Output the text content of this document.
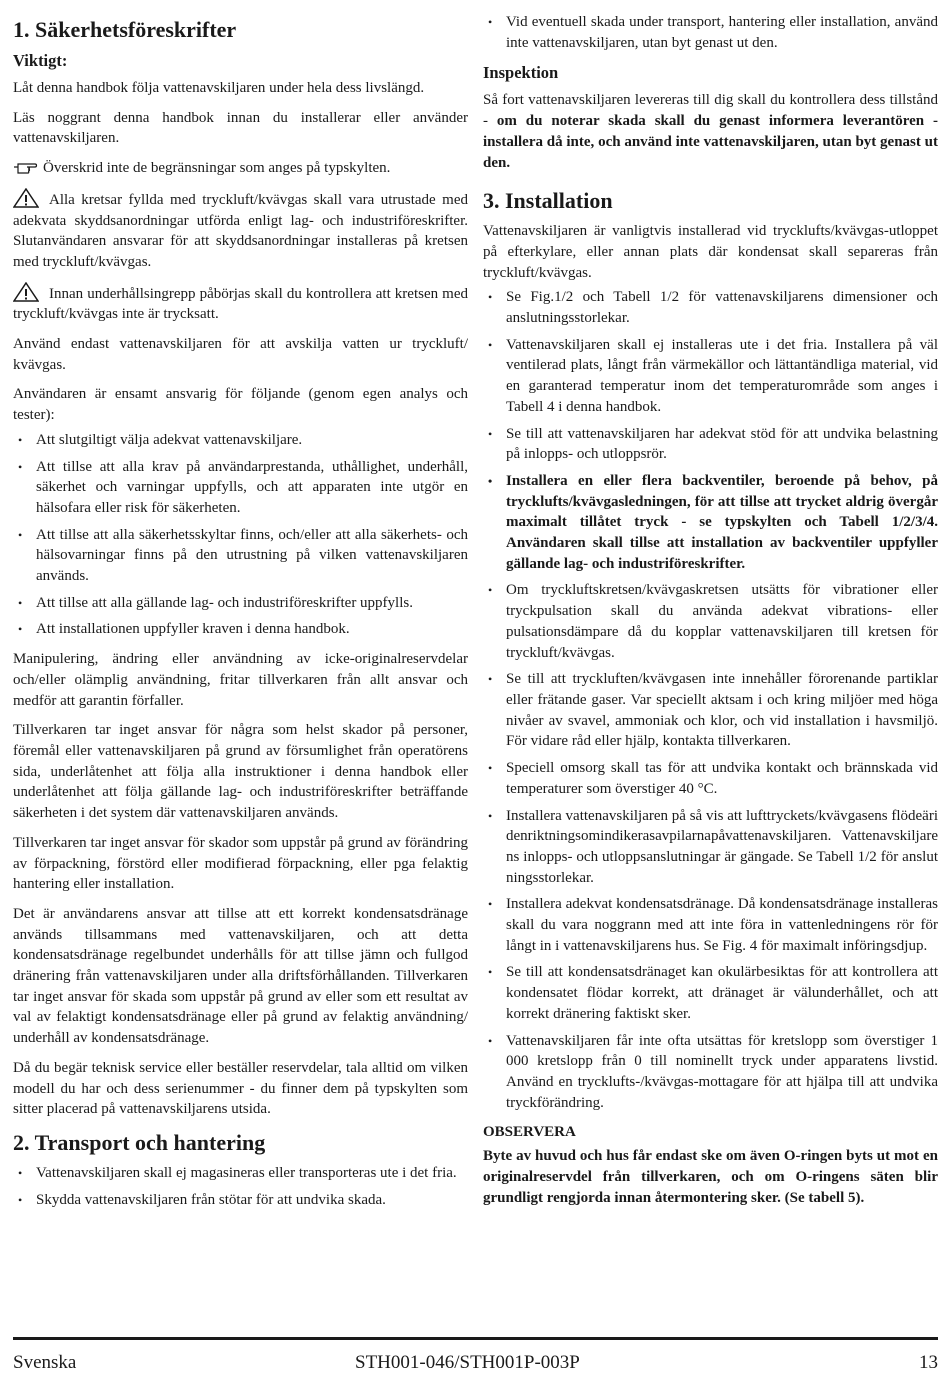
1. Säkerhetsföreskrifter
Viktigt:

Låt denna handbok följa vattenavskiljaren under hela dess livslängd.

Läs noggrant denna handbok innan du installerar eller använder vattenavskiljaren.

Överskrid inte de begränsningar som anges på typskylten.

Alla kretsar fyllda med tryckluft/kvävgas skall vara utrustade med adekvata skyddsanordningar utförda enligt lag- och industriföreskrifter. Slutanvändaren ansvarar för att skyddsanordningar installeras på kretsen med tryckluft/kvävgas.

Innan underhållsingrepp påbörjas skall du kontrollera att kretsen med tryckluft/kvävgas inte är trycksatt.

Använd endast vattenavskiljaren för att avskilja vatten ur tryckluft/ kvävgas.

Användaren är ensamt ansvarig för följande (genom egen analys och tester):

• Att slutgiltigt välja adekvat vattenavskiljare.
• Att tillse att alla krav på användarprestanda, uthållighet, underhåll, säkerhet och varningar uppfylls, och att apparaten inte utgör en hälsofara eller risk för säkerheten.
• Att tillse att alla säkerhetsskyltar finns, och/eller att alla säkerhets- och hälsovarningar finns på den utrustning på vilken vattenavskiljaren används.
• Att tillse att alla gällande lag- och industriföreskrifter uppfylls.
• Att installationen uppfyller kraven i denna handbok.

Manipulering, ändring eller användning av icke-originalreservdelar och/eller olämplig användning, fritar tillverkaren från allt ansvar och medför att garantin förfaller.

Tillverkaren tar inget ansvar för några som helst skador på personer, föremål eller vattenavskiljaren på grund av försumlighet från operatörens sida, underlåtenhet att följa alla instruktioner i denna handbok eller underlåtenhet att följa gällande lag- och industriföreskrifter beträffande säkerheten i det system där vattenavskiljaren används.

Tillverkaren tar inget ansvar för skador som uppstår på grund av förändring av förpackning, förstörd eller modifierad förpackning, eller pga felaktig hantering eller installation.

Det är användarens ansvar att tillse att ett korrekt kondensatsdränage används tillsammans med vattenavskiljaren, och att detta kondensatsdränage regelbundet underhålls för att tillse jämn och fullgod dränering från vattenavskiljaren under alla driftsförhållanden. Tillverkaren tar inget ansvar för skada som uppstår på grund av eller som ett resultat av val av felaktigt kondensatsdränage eller på grund av felaktig användning/ underhåll av kondensatsdränage.

Då du begär teknisk service eller beställer reservdelar, tala alltid om vilken modell du har och dess serienummer - du finner dem på typskylten som sitter placerad på vattenavskiljarens utsida.

2. Transport och hantering
• Vattenavskiljaren skall ej magasineras eller transporteras ute i det fria.
• Skydda vattenavskiljaren från stötar för att undvika skada.
• Vid eventuell skada under transport, hantering eller installation, använd inte vattenavskiljaren, utan byt genast ut den.
Inspektion

Så fort vattenavskiljaren levereras till dig skall du kontrollera dess tillstånd - om du noterar skada skall du genast informera leverantören - installera då inte, och använd inte vattenavskiljaren, utan byt genast ut den.

3. Installation

Vattenavskiljaren är vanligtvis installerad vid trycklufts/kvävgas-utloppet på efterkylare, eller annan plats där kondensat skall separeras från tryckluft/kvävgas.

• Se Fig.1/2 och Tabell 1/2 för vattenavskiljarens dimensioner och anslutningsstorlekar.
• Vattenavskiljaren skall ej installeras ute i det fria. Installera på väl ventilerad plats, långt från värmekällor och lättantändliga material, vid en garanterad temperatur inom det temperaturområde som anges i Tabell 4 i denna handbok.
• Se till att vattenavskiljaren har adekvat stöd för att undvika belastning på inlopps- och utloppsrör.
• Installera en eller flera backventiler, beroende på behov, på trycklufts/kvävgasledningen, för att tillse att trycket aldrig övergår maximalt tillåtet tryck - se typskylten och Tabell 1/2/3/4. Användaren skall tillse att installation av backventiler uppfyller gällande lag- och industriföreskrifter.
• Om tryckluftskretsen/kvävgaskretsen utsätts för vibrationer eller tryckpulsation skall du använda adekvat vibrations- eller pulsationsdämpare då du kopplar vattenavskiljaren till kretsen för tryckluft/kvävgas.
• Se till att tryckluften/kvävgasen inte innehåller förorenande partiklar eller frätande gaser. Var speciellt aktsam i och kring miljöer med höga nivåer av svavel, ammoniak och klor, och vid installation i havsmiljö. För vidare råd eller hjälp, kontakta tillverkaren.
• Speciell omsorg skall tas för att undvika kontakt och brännskada vid temperaturer som överstiger 40 °C.
• Installera vattenavskiljaren på så vis att lufttryckets/kvävgasens flödeäridenriktningsomindikerasavpilarnapåvattenavskiljaren. Vattenavskiljarens inlopps- och utloppsanslutningar är gängade. Se Tabell 1/2 för anslutningsstorlekar.
• Installera adekvat kondensatsdränage. Då kondensatsdränage installeras skall du vara noggrann med att inte föra in vattenledningens rör för långt in i vattenavskiljarens hus. Se Fig. 4 för maximalt införingsdjup.
• Se till att kondensatsdränaget kan okulärbesiktas för att kontrollera att kondensatet flödar korrekt, att dränaget är välunderhållet, och att korrekt dränering faktiskt sker.
• Vattenavskiljaren får inte ofta utsättas för kretslopp som överstiger 1 000 kretslopp från 0 till nominellt tryck under apparatens livstid. Använd en trycklufts-/kvävgas-mottagare för att hjälpa till att undvika tryckförändring.
OBSERVERA

Byte av huvud och hus får endast ske om även O-ringen byts ut mot en originalreservdel från tillverkaren, och om O-ringens säten blir grundligt rengjorda innan återmontering sker. (Se tabell 5).

Svenska	STH001-046/STH001P-003P	13
